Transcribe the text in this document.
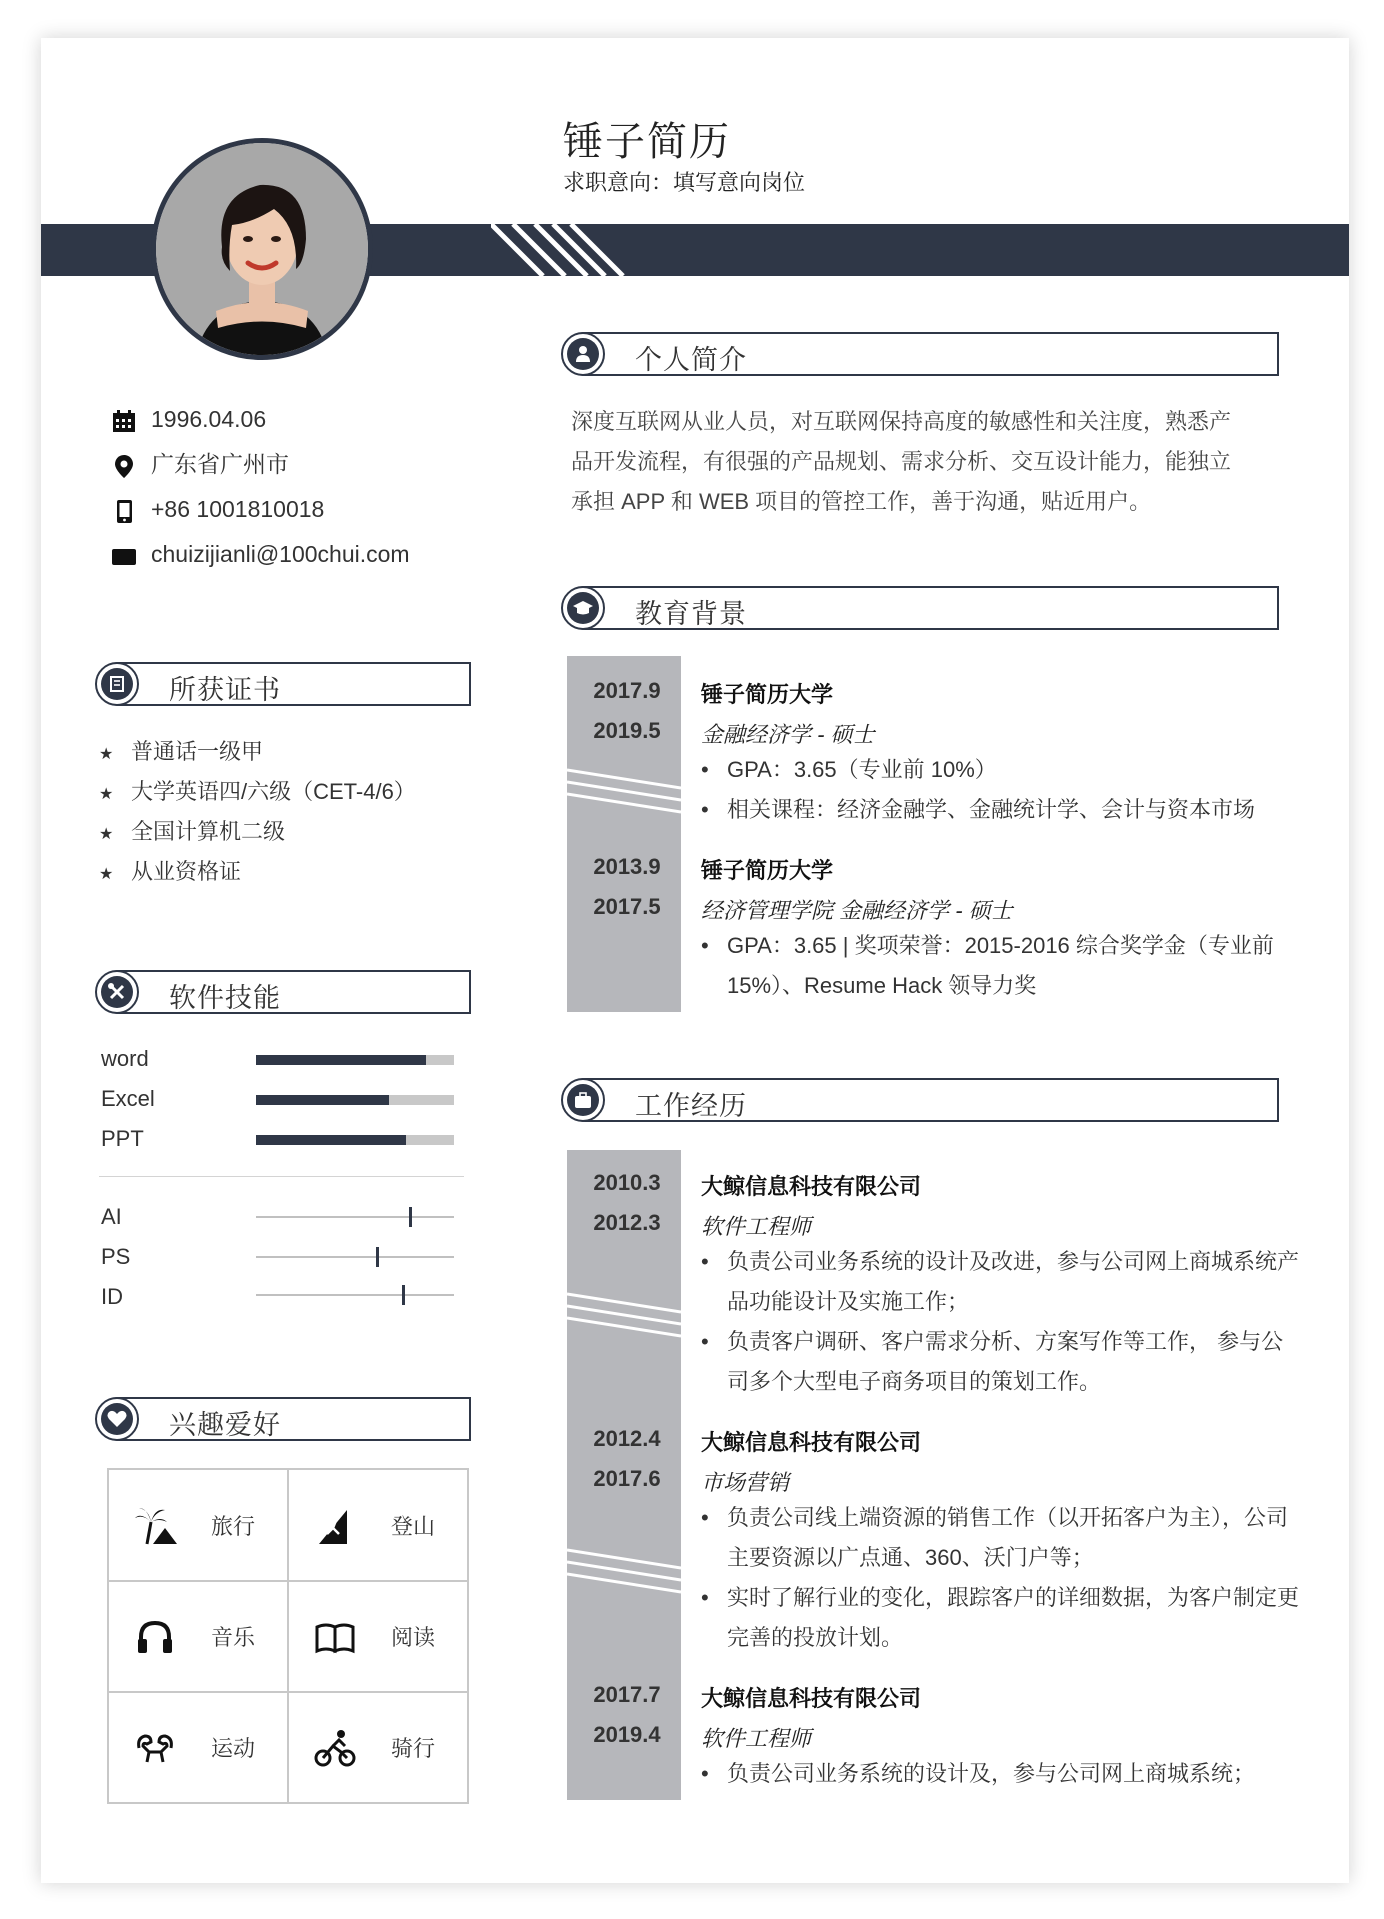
锤子简历
求职意向：填写意向岗位
1996.04.06
广东省广州市
+86 1001810018
chuizijianli@100chui.com
所获证书
★ 普通话一级甲
★ 大学英语四/六级（CET-4/6）
★ 全国计算机二级
★ 从业资格证
软件技能
word
Excel
PPT
AI
PS
ID
兴趣爱好
旅行	登山
音乐	阅读
运动	骑行
个人简介
深度互联网从业人员，对互联网保持高度的敏感性和关注度，熟悉产
品开发流程，有很强的产品规划、需求分析、交互设计能力，能独立
承担 APP 和 WEB 项目的管控工作，善于沟通，贴近用户。
教育背景
2017.9
2019.5
锤子简历大学
金融经济学 - 硕士
• GPA：3.65（专业前 10%）
• 相关课程：经济金融学、金融统计学、会计与资本市场
2013.9
2017.5
锤子简历大学
经济管理学院 金融经济学 - 硕士
• GPA：3.65 | 奖项荣誉：2015-2016 综合奖学金（专业前 15%）、Resume Hack 领导力奖
工作经历
2010.3
2012.3
大鲸信息科技有限公司
软件工程师
• 负责公司业务系统的设计及改进，参与公司网上商城系统产品功能设计及实施工作；
• 负责客户调研、客户需求分析、方案写作等工作， 参与公司多个大型电子商务项目的策划工作。
2012.4
2017.6
大鲸信息科技有限公司
市场营销
• 负责公司线上端资源的销售工作（以开拓客户为主），公司主要资源以广点通、360、沃门户等；
• 实时了解行业的变化，跟踪客户的详细数据，为客户制定更完善的投放计划。
2017.7
2019.4
大鲸信息科技有限公司
软件工程师
• 负责公司业务系统的设计及，参与公司网上商城系统；
